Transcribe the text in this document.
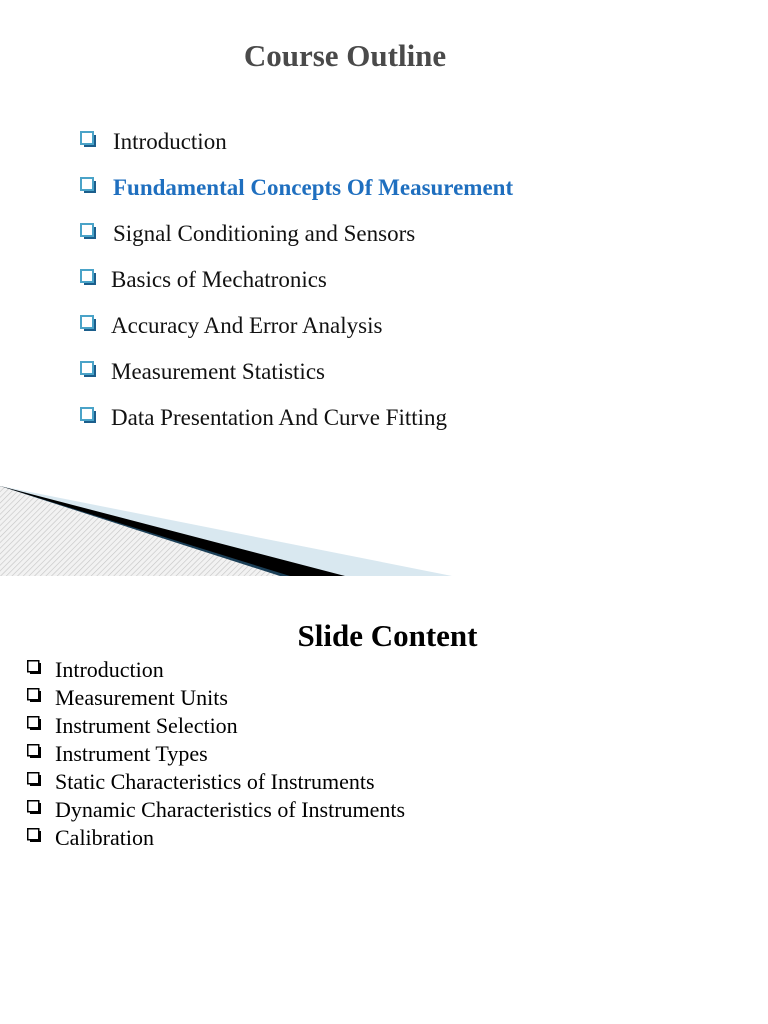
Course Outline
Introduction
Fundamental Concepts Of Measurement
Signal Conditioning and Sensors
Basics of Mechatronics
Accuracy And Error Analysis
Measurement Statistics
Data Presentation And Curve Fitting
Slide Content
Introduction
Measurement Units
Instrument Selection
Instrument Types
Static Characteristics of Instruments
Dynamic Characteristics of Instruments
Calibration
